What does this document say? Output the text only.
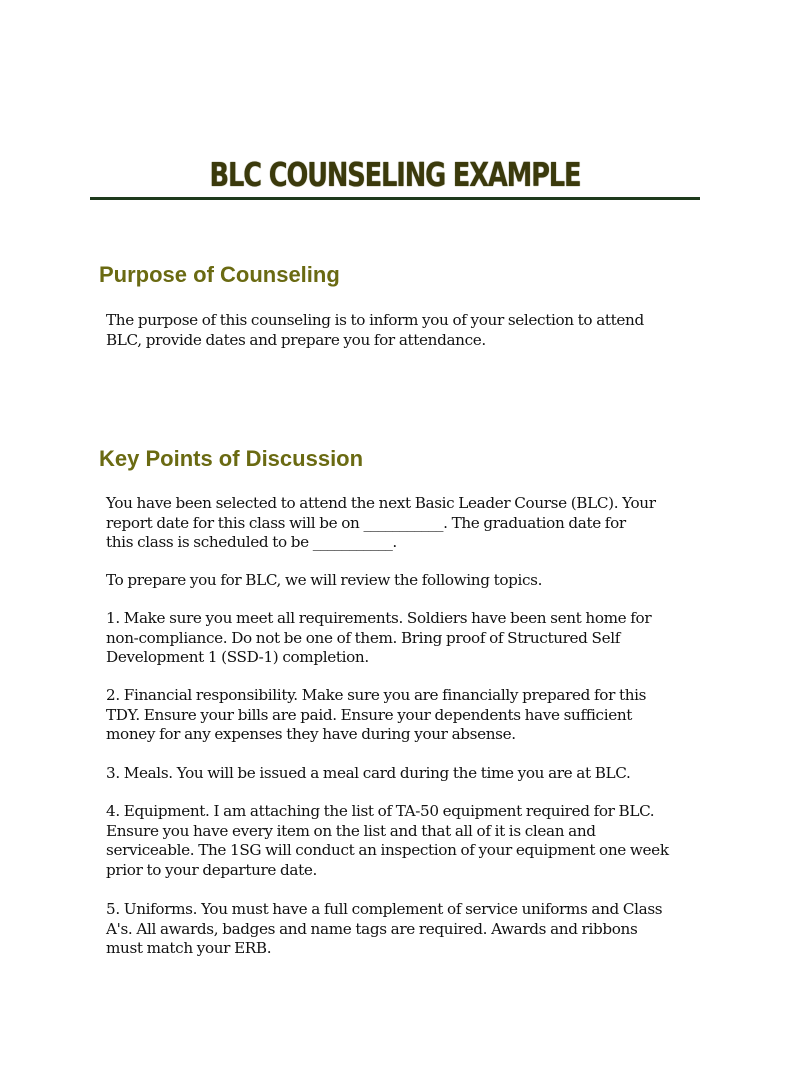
BLC COUNSELING EXAMPLE
Purpose of Counseling
The purpose of this counseling is to inform you of your selection to attend
BLC, provide dates and prepare you for attendance.
Key Points of Discussion
You have been selected to attend the next Basic Leader Course (BLC). Your
report date for this class will be on ___________. The graduation date for
this class is scheduled to be ___________.
To prepare you for BLC, we will review the following topics.
1. Make sure you meet all requirements. Soldiers have been sent home for
non-compliance. Do not be one of them. Bring proof of Structured Self
Development 1 (SSD-1) completion.
2. Financial responsibility. Make sure you are financially prepared for this
TDY. Ensure your bills are paid. Ensure your dependents have sufficient
money for any expenses they have during your absense.
3. Meals. You will be issued a meal card during the time you are at BLC.
4. Equipment. I am attaching the list of TA-50 equipment required for BLC.
Ensure you have every item on the list and that all of it is clean and
serviceable. The 1SG will conduct an inspection of your equipment one week
prior to your departure date.
5. Uniforms. You must have a full complement of service uniforms and Class
A's. All awards, badges and name tags are required. Awards and ribbons
must match your ERB.
